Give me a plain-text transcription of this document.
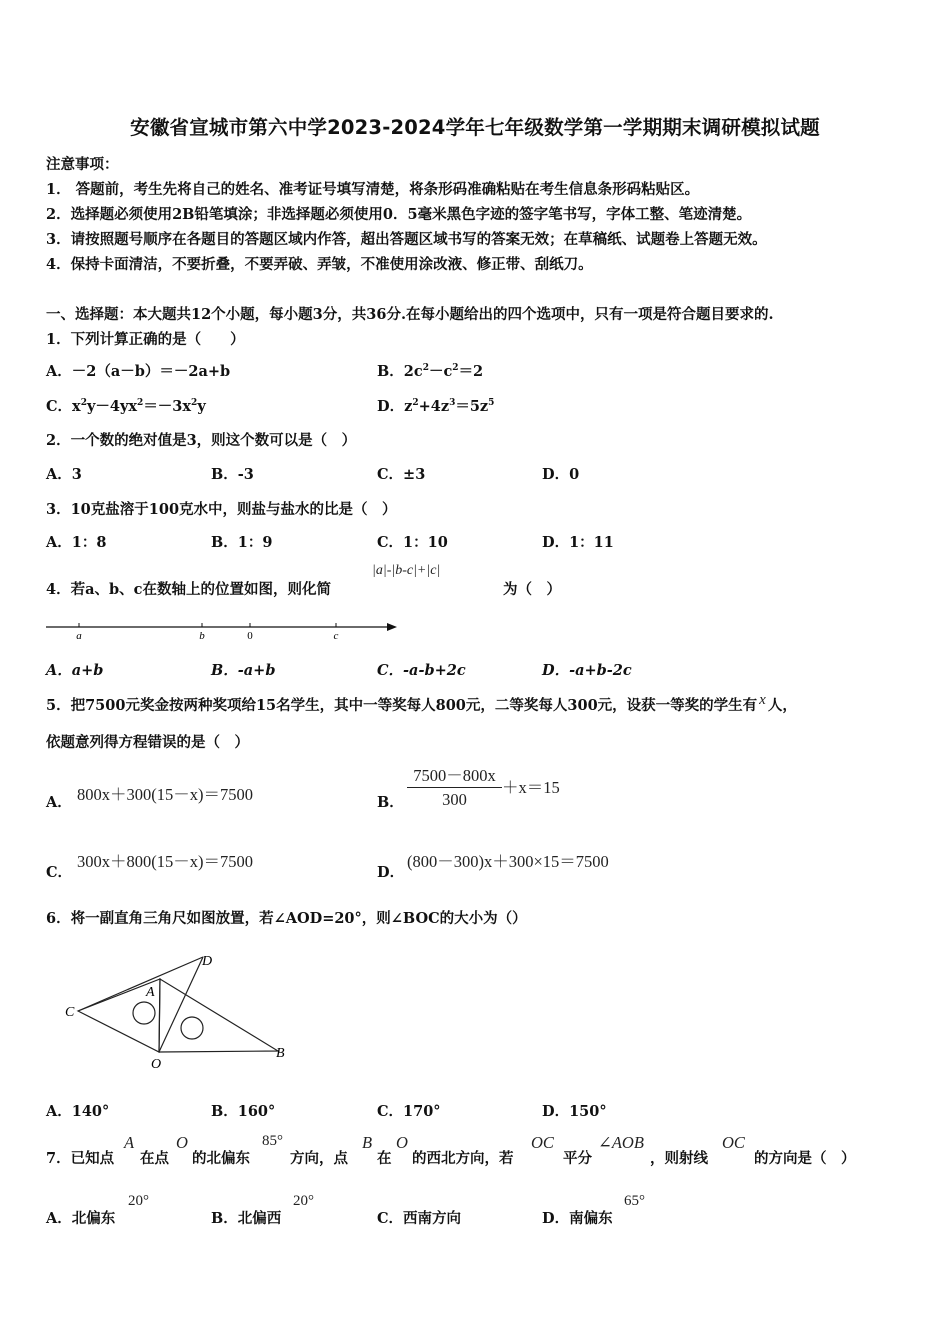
安徽省宣城市第六中学2023-2024学年七年级数学第一学期期末调研模拟试题
注意事项：
1． 答题前，考生先将自己的姓名、准考证号填写清楚，将条形码准确粘贴在考生信息条形码粘贴区。
2．选择题必须使用2B铅笔填涂；非选择题必须使用0．5毫米黑色字迹的签字笔书写，字体工整、笔迹清楚。
3．请按照题号顺序在各题目的答题区域内作答，超出答题区域书写的答案无效；在草稿纸、试题卷上答题无效。
4．保持卡面清洁，不要折叠，不要弄破、弄皱，不准使用涂改液、修正带、刮纸刀。
一、选择题：本大题共12个小题，每小题3分，共36分.在每小题给出的四个选项中，只有一项是符合题目要求的.
1．下列计算正确的是（　　）
A．－2（a－b）＝－2a+b	B．$2c^2-c^2=2$
C．$x^2y-4yx^2=-3x^2y$	D．$z^2+4z^3=5z^5$
2．一个数的绝对值是3，则这个数可以是（　）
A．3	B．-3	C．±3	D．0
3．10克盐溶于100克水中，则盐与盐水的比是（　）
A．1：8	B．1：9	C．1：10	D．1：11
4．若a、b、c在数轴上的位置如图，则化简
|a|-|b-c|+|c|
为（　）
a	b	0	c
A．a+b	B．-a+b	C．-a-b+2c	D．-a+b-2c
5．把7500元奖金按两种奖项给15名学生，其中一等奖每人800元，二等奖每人300元，设获一等奖的学生有 x 人，
依题意列得方程错误的是（　）
A． 800x＋300(15－x)＝7500	B． $\frac{7500-800x}{300} +x=15$
C．
300x＋800(15－x)＝7500
D．
(800－300)x＋300×15＝7500
6．将一副直角三角尺如图放置，若∠AOD=20°，则∠BOC的大小为（）
D
A
C
O
B
A．140°	B．160°	C．170°	D．150°
7．已知点
A
在点
O
的北偏东
85°
方向，点
B
在
O
的西北方向，若
OC
平分
∠AOB
，则射线
OC
的方向是（　）
A．北偏东
20°
B．北偏西
20°
C．西南方向	D．南偏东
65°
